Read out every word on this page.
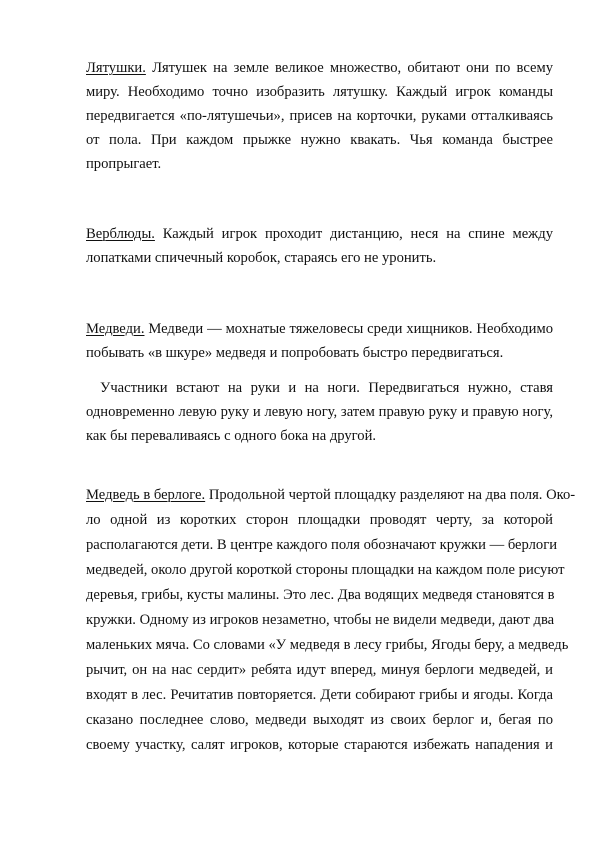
Лятушки. Лятушек на земле великое множество, обитают они по всему
миру. Необходимо точно изобразить лятушку. Каждый игрок команды
передвигается «по-лятушечьи», присев на корточки, руками отталкиваясь
от пола. При каждом прыжке нужно квакать. Чья команда быстрее
пропрыгает.
Верблюды. Каждый игрок проходит дистанцию, неся на спине между
лопатками спичечный коробок, стараясь его не уронить.
Медведи. Медведи — мохнатые тяжеловесы среди хищников. Необходимо
побывать «в шкуре» медведя и попробовать быстро передвигаться.
Участники встают на руки и на ноги. Передвигаться нужно, ставя
одновременно левую руку и левую ногу, затем правую руку и правую ногу,
как бы переваливаясь с одного бока на другой.
Медведь в берлоге. Продольной чертой площадку разделяют на два поля. Око-
ло одной из коротких сторон площадки проводят черту, за которой
располагаются дети. В центре каждого поля обозначают кружки — берлоги
медведей, около другой короткой стороны площадки на каждом поле рисуют
деревья, грибы, кусты малины. Это лес. Два водящих медведя становятся в
кружки. Одному из игроков незаметно, чтобы не видели медведи, дают два
маленьких мяча. Со словами «У медведя в лесу грибы, Ягоды беру, а медведь
рычит, он на нас сердит» ребята идут вперед, минуя берлоги медведей, и
входят в лес. Речитатив повторяется. Дети собирают грибы и ягоды. Когда
сказано последнее слово, медведи выходят из своих берлог и, бегая по
своему участку, салят игроков, которые стараются избежать нападения и
